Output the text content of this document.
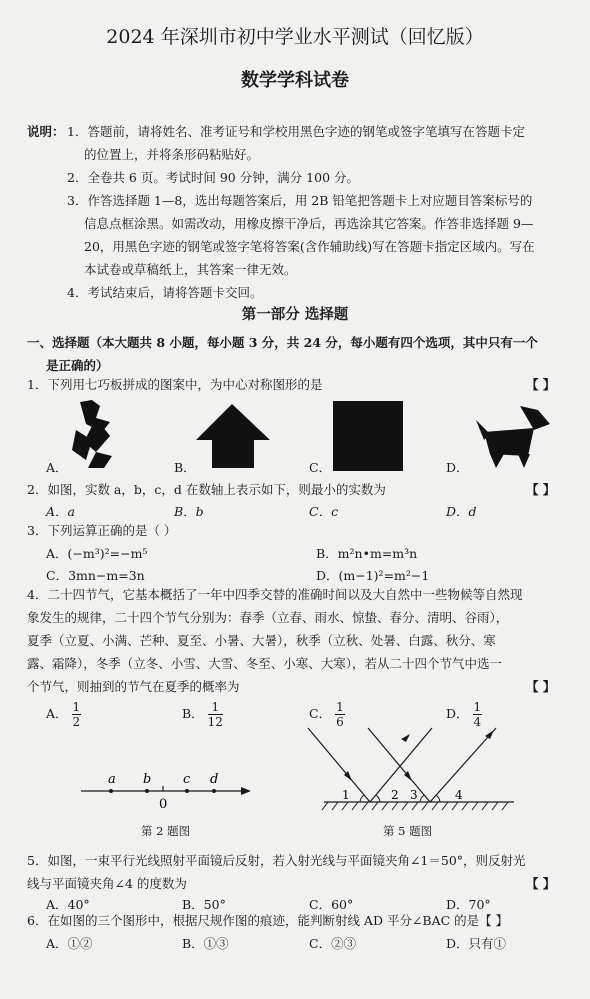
2024 年深圳市初中学业水平测试（回忆版）
数学学科试卷
说明： 1．答题前，请将姓名、准考证号和学校用黑色字迹的钢笔或签字笔填写在答题卡定
的位置上，并将条形码粘贴好。
2．全卷共 6 页。考试时间 90 分钟，满分 100 分。
3．作答选择题 1—8，选出每题答案后，用 2B 铅笔把答题卡上对应题目答案标号的
信息点框涂黑。如需改动，用橡皮擦干净后，再选涂其它答案。作答非选择题 9—
20，用黑色字迹的钢笔或签字笔将答案(含作辅助线)写在答题卡指定区域内。写在
本试卷或草稿纸上，其答案一律无效。
4．考试结束后，请将答题卡交回。
第一部分 选择题
一、选择题（本大题共 8 小题，每小题 3 分，共 24 分，每小题有四个选项，其中只有一个
是正确的）
1．下列用七巧板拼成的图案中，为中心对称图形的是	【 】
A．	B．	C．	D．
2．如图，实数 a，b，c，d 在数轴上表示如下，则最小的实数为	【 】
A．a	B．b	C．c	D．d
3．下列运算正确的是（ ）
A．(−m³)²=−m⁵	B．m²n•m=m³n
C．3mn−m=3n	D．(m−1)²=m²−1
4．二十四节气，它基本概括了一年中四季交替的准确时间以及大自然中一些物候等自然现
象发生的规律，二十四个节气分别为：春季（立春、雨水、惊蛰、春分、清明、谷雨），
夏季（立夏、小满、芒种、夏至、小暑、大暑），秋季（立秋、处暑、白露、秋分、寒
露、霜降），冬季（立冬、小雪、大雪、冬至、小寒、大寒），若从二十四个节气中选一
个节气，则抽到的节气在夏季的概率为	【 】
A． $\frac{1}{2}$	B． $\frac{1}{12}$	C． $\frac{1}{6}$	D． $\frac{1}{4}$
a b c d
0
第 2 题图
1	2 3	4
第 5 题图
5．如图，一束平行光线照射平面镜后反射，若入射光线与平面镜夹角∠1＝50°，则反射光
线与平面镜夹角∠4 的度数为	【 】
A．40°	B．50°	C．60°	D．70°
6．在如图的三个图形中，根据尺规作图的痕迹，能判断射线 AD 平分∠BAC 的是【 】
A．①②	B．①③	C．②③	D．只有①
